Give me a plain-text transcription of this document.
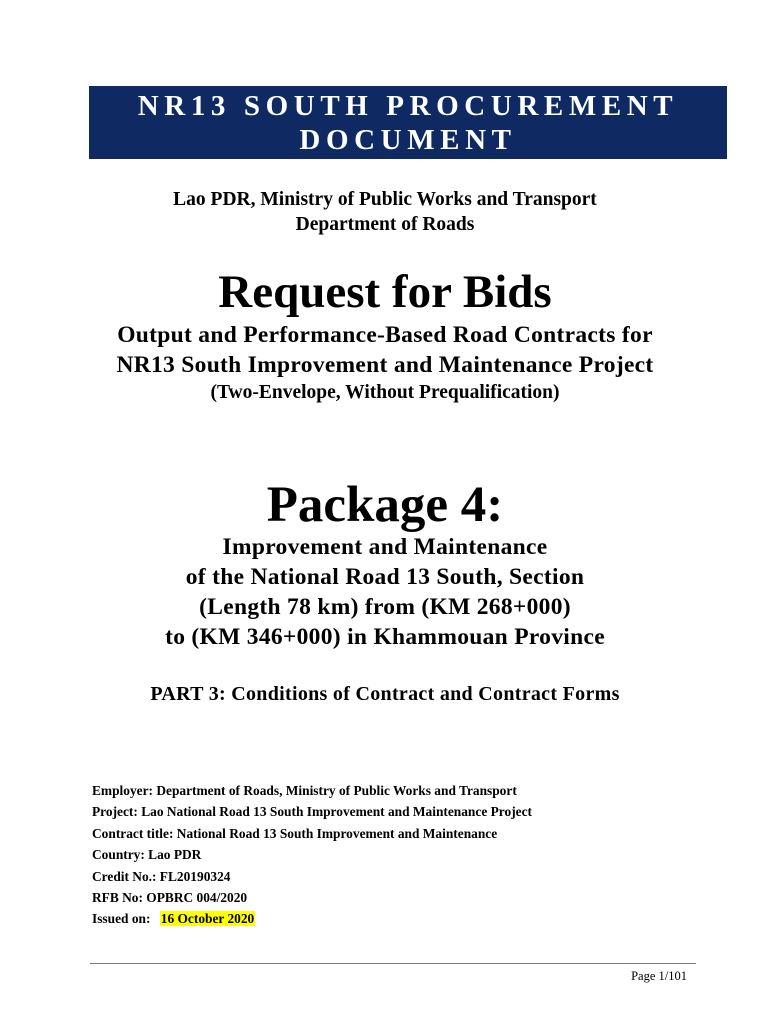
NR13 SOUTH PROCUREMENT
DOCUMENT
Lao PDR, Ministry of Public Works and Transport
Department of Roads
Request for Bids
Output and Performance-Based Road Contracts for
NR13 South Improvement and Maintenance Project
(Two-Envelope, Without Prequalification)
Package 4:
Improvement and Maintenance
of the National Road 13 South, Section
(Length 78 km) from (KM 268+000)
to (KM 346+000) in Khammouan Province
PART 3: Conditions of Contract and Contract Forms
Employer: Department of Roads, Ministry of Public Works and Transport
Project: Lao National Road 13 South Improvement and Maintenance Project
Contract title: National Road 13 South Improvement and Maintenance
Country: Lao PDR
Credit No.: FL20190324
RFB No: OPBRC 004/2020
Issued on: 16 October 2020
Page 1/101
